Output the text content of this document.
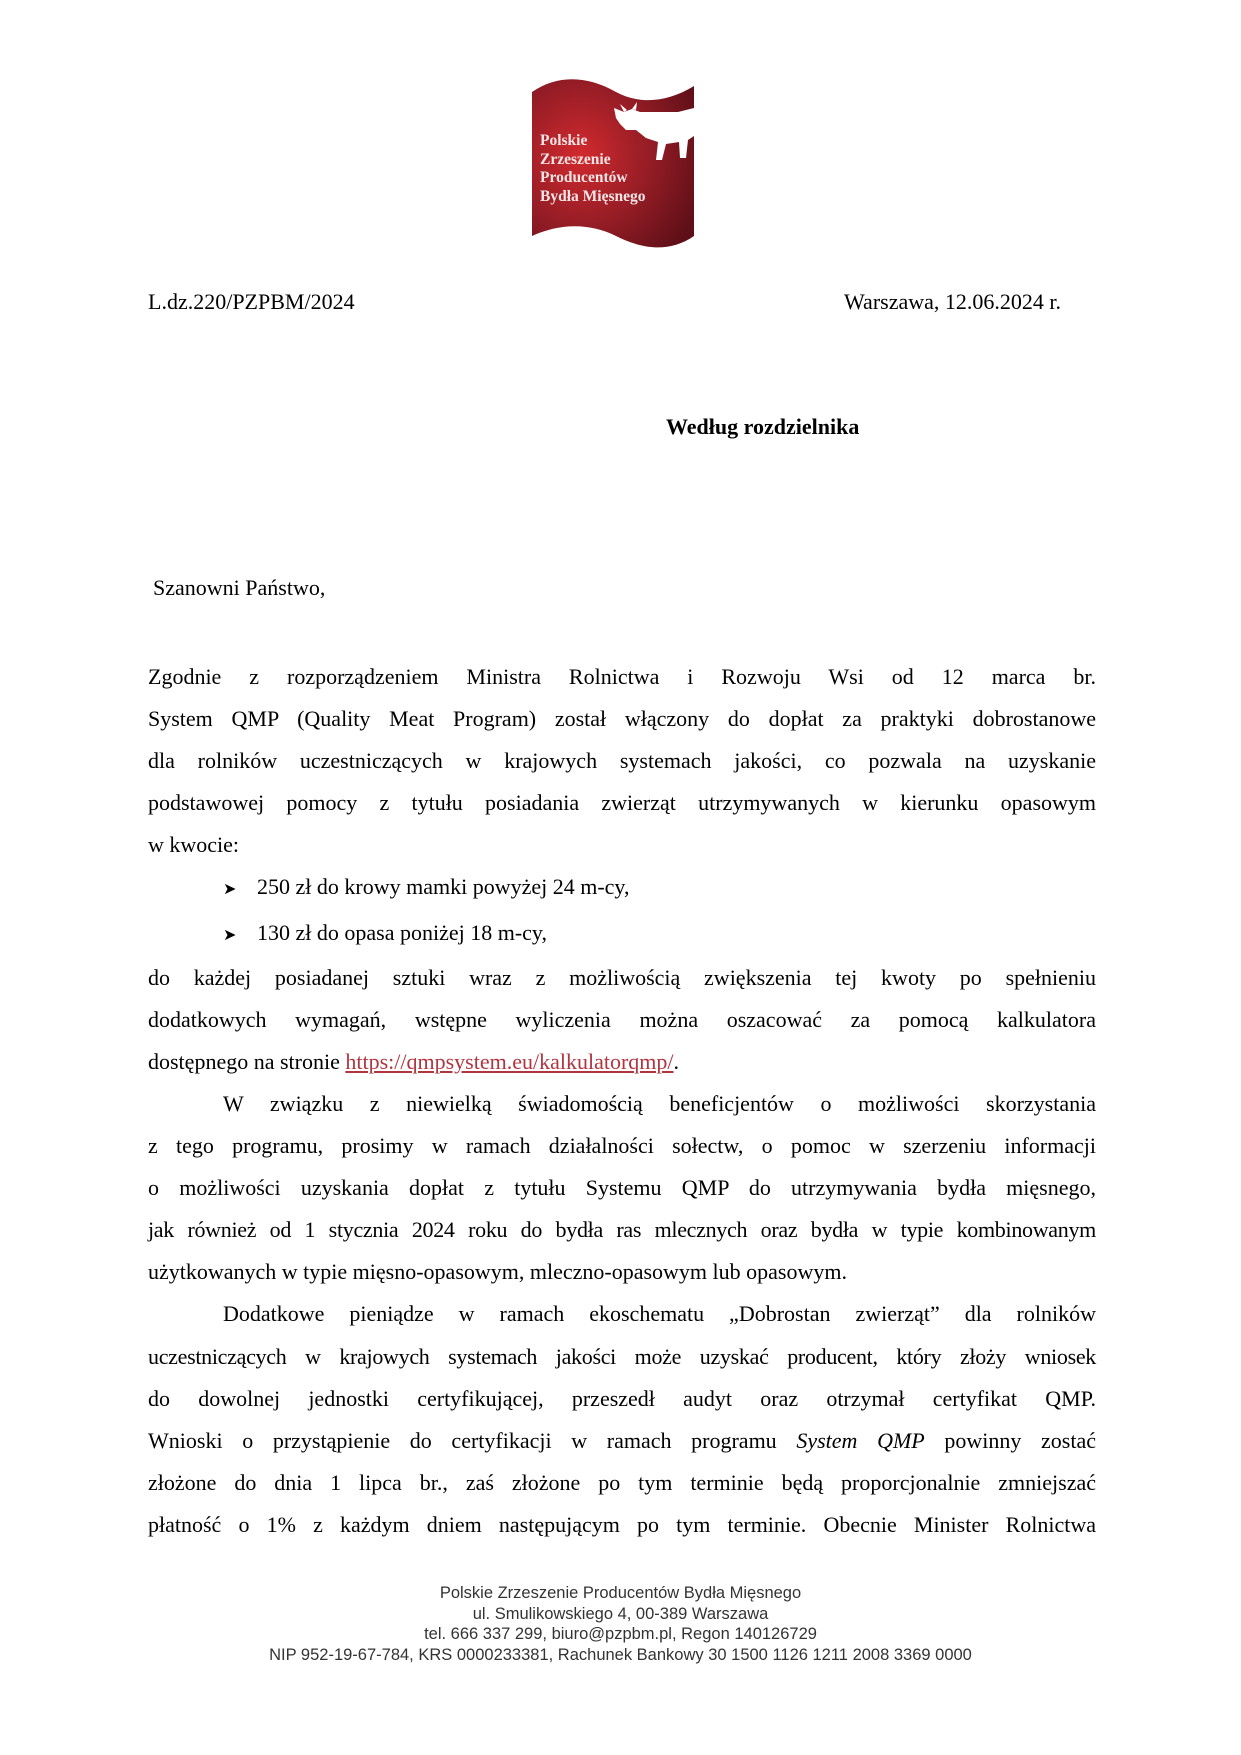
Polskie
Zrzeszenie
Producentów
Bydła Mięsnego
L.dz.220/PZPBM/2024	Warszawa, 12.06.2024 r.
Według rozdzielnika
Szanowni Państwo,
Zgodnie z rozporządzeniem Ministra Rolnictwa i Rozwoju Wsi od 12 marca br.
System QMP (Quality Meat Program) został włączony do dopłat za praktyki dobrostanowe
dla rolników uczestniczących w krajowych systemach jakości, co pozwala na uzyskanie
podstawowej pomocy z tytułu posiadania zwierząt utrzymywanych w kierunku opasowym
w kwocie:
➤ 250 zł do krowy mamki powyżej 24 m-cy,
➤ 130 zł do opasa poniżej 18 m-cy,
do każdej posiadanej sztuki wraz z możliwością zwiększenia tej kwoty po spełnieniu
dodatkowych wymagań, wstępne wyliczenia można oszacować za pomocą kalkulatora
dostępnego na stronie https://qmpsystem.eu/kalkulatorqmp/.
W związku z niewielką świadomością beneficjentów o możliwości skorzystania
z tego programu, prosimy w ramach działalności sołectw, o pomoc w szerzeniu informacji
o możliwości uzyskania dopłat z tytułu Systemu QMP do utrzymywania bydła mięsnego,
jak również od 1 stycznia 2024 roku do bydła ras mlecznych oraz bydła w typie kombinowanym
użytkowanych w typie mięsno-opasowym, mleczno-opasowym lub opasowym.
Dodatkowe pieniądze w ramach ekoschematu „Dobrostan zwierząt” dla rolników
uczestniczących w krajowych systemach jakości może uzyskać producent, który złoży wniosek
do dowolnej jednostki certyfikującej, przeszedł audyt oraz otrzymał certyfikat QMP.
Wnioski o przystąpienie do certyfikacji w ramach programu System QMP powinny zostać
złożone do dnia 1 lipca br., zaś złożone po tym terminie będą proporcjonalnie zmniejszać
płatność o 1% z każdym dniem następującym po tym terminie. Obecnie Minister Rolnictwa
Polskie Zrzeszenie Producentów Bydła Mięsnego
ul. Smulikowskiego 4, 00-389 Warszawa
tel. 666 337 299, biuro@pzpbm.pl, Regon 140126729
NIP 952-19-67-784, KRS 0000233381, Rachunek Bankowy 30 1500 1126 1211 2008 3369 0000
